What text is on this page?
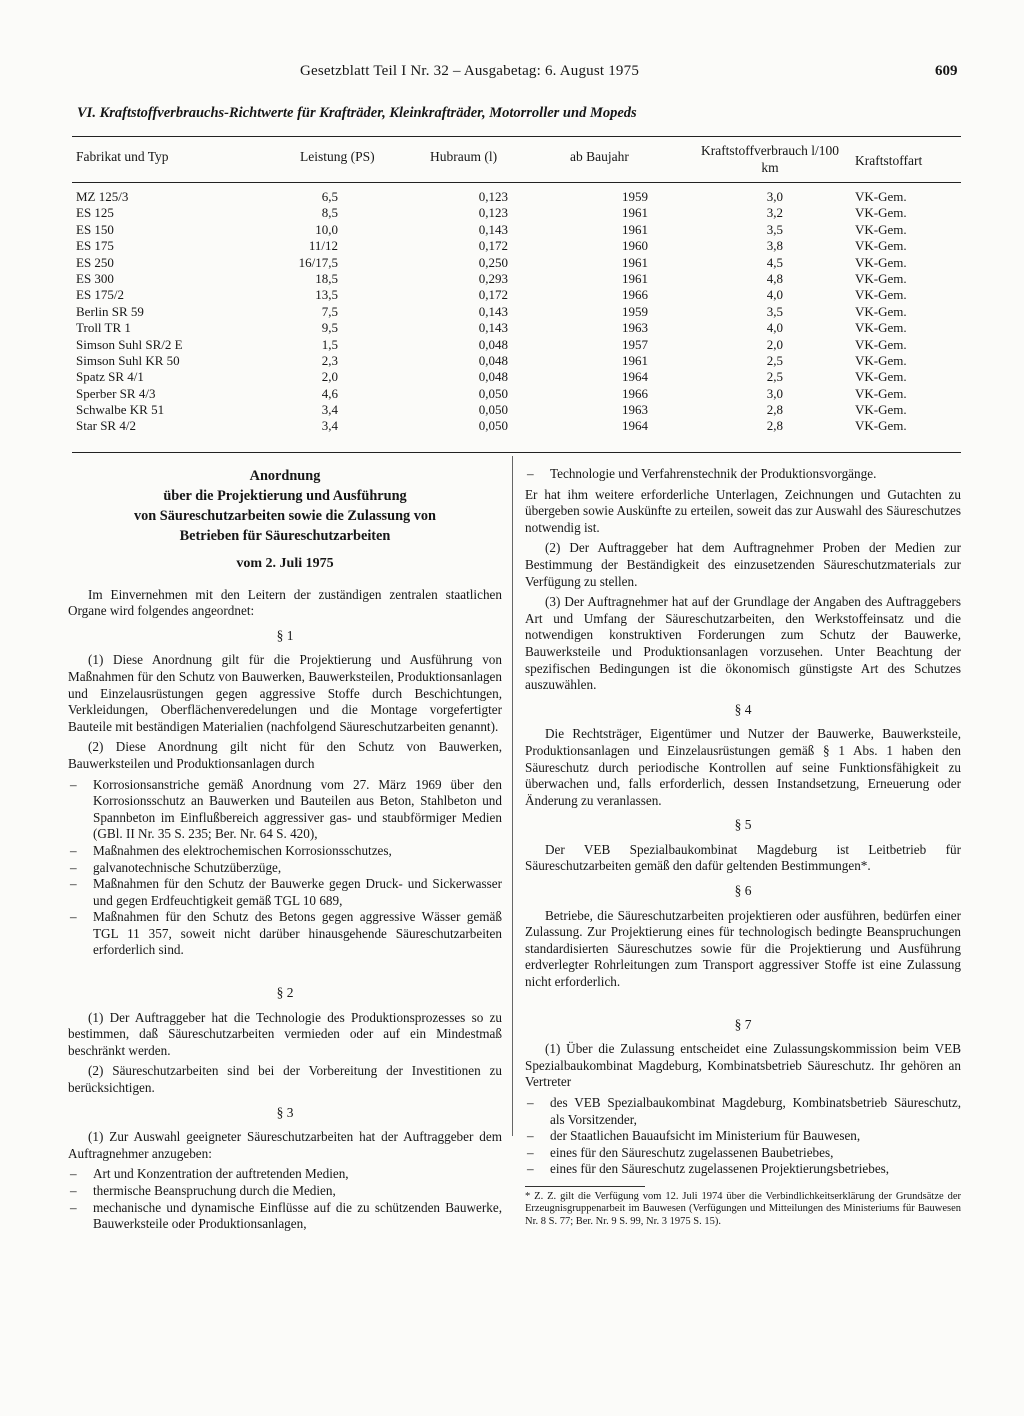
Gesetzblatt Teil I Nr. 32 – Ausgabetag: 6. August 1975	609
VI. Kraftstoffverbrauchs-Richtwerte für Krafträder, Kleinkrafträder, Motorroller und Mopeds
Fabrikat und Typ	Leistung (PS)	Hubraum (l)	ab Baujahr	Kraftstoffverbrauch l/100 km	Kraftstoffart
MZ 125/3	6,5	0,123	1959	3,0	VK-Gem.
ES 125	8,5	0,123	1961	3,2	VK-Gem.
ES 150	10,0	0,143	1961	3,5	VK-Gem.
ES 175	11/12	0,172	1960	3,8	VK-Gem.
ES 250	16/17,5	0,250	1961	4,5	VK-Gem.
ES 300	18,5	0,293	1961	4,8	VK-Gem.
ES 175/2	13,5	0,172	1966	4,0	VK-Gem.
Berlin SR 59	7,5	0,143	1959	3,5	VK-Gem.
Troll TR 1	9,5	0,143	1963	4,0	VK-Gem.
Simson Suhl SR/2 E	1,5	0,048	1957	2,0	VK-Gem.
Simson Suhl KR 50	2,3	0,048	1961	2,5	VK-Gem.
Spatz SR 4/1	2,0	0,048	1964	2,5	VK-Gem.
Sperber SR 4/3	4,6	0,050	1966	3,0	VK-Gem.
Schwalbe KR 51	3,4	0,050	1963	2,8	VK-Gem.
Star SR 4/2	3,4	0,050	1964	2,8	VK-Gem.
Anordnung
über die Projektierung und Ausführung
von Säureschutzarbeiten sowie die Zulassung von
Betrieben für Säureschutzarbeiten
vom 2. Juli 1975

Im Einvernehmen mit den Leitern der zuständigen zentralen staatlichen Organe wird folgendes angeordnet:

§ 1

(1) Diese Anordnung gilt für die Projektierung und Ausführung von Maßnahmen für den Schutz von Bauwerken, Bauwerksteilen, Produktionsanlagen und Einzelausrüstungen gegen aggressive Stoffe durch Beschichtungen, Verkleidungen, Oberflächenveredelungen und die Montage vorgefertigter Bauteile mit beständigen Materialien (nachfolgend Säureschutzarbeiten genannt).

(2) Diese Anordnung gilt nicht für den Schutz von Bauwerken, Bauwerksteilen und Produktionsanlagen durch

– Korrosionsanstriche gemäß Anordnung vom 27. März 1969 über den Korrosionsschutz an Bauwerken und Bauteilen aus Beton, Stahlbeton und Spannbeton im Einflußbereich aggressiver gas- und staubförmiger Medien (GBl. II Nr. 35 S. 235; Ber. Nr. 64 S. 420),
– Maßnahmen des elektrochemischen Korrosionsschutzes,
– galvanotechnische Schutzüberzüge,
– Maßnahmen für den Schutz der Bauwerke gegen Druck- und Sickerwasser und gegen Erdfeuchtigkeit gemäß TGL 10 689,
– Maßnahmen für den Schutz des Betons gegen aggressive Wässer gemäß TGL 11 357, soweit nicht darüber hinausgehende Säureschutzarbeiten erforderlich sind.
§ 2

(1) Der Auftraggeber hat die Technologie des Produktionsprozesses so zu bestimmen, daß Säureschutzarbeiten vermieden oder auf ein Mindestmaß beschränkt werden.

(2) Säureschutzarbeiten sind bei der Vorbereitung der Investitionen zu berücksichtigen.

§ 3

(1) Zur Auswahl geeigneter Säureschutzarbeiten hat der Auftraggeber dem Auftragnehmer anzugeben:

– Art und Konzentration der auftretenden Medien,
– thermische Beanspruchung durch die Medien,
– mechanische und dynamische Einflüsse auf die zu schützenden Bauwerke, Bauwerksteile oder Produktionsanlagen,
– Technologie und Verfahrenstechnik der Produktionsvorgänge.

Er hat ihm weitere erforderliche Unterlagen, Zeichnungen und Gutachten zu übergeben sowie Auskünfte zu erteilen, soweit das zur Auswahl des Säureschutzes notwendig ist.

(2) Der Auftraggeber hat dem Auftragnehmer Proben der Medien zur Bestimmung der Beständigkeit des einzusetzenden Säureschutzmaterials zur Verfügung zu stellen.

(3) Der Auftragnehmer hat auf der Grundlage der Angaben des Auftraggebers Art und Umfang der Säureschutzarbeiten, den Werkstoffeinsatz und die notwendigen konstruktiven Forderungen zum Schutz der Bauwerke, Bauwerksteile und Produktionsanlagen vorzusehen. Unter Beachtung der spezifischen Bedingungen ist die ökonomisch günstigste Art des Schutzes auszuwählen.

§ 4

Die Rechtsträger, Eigentümer und Nutzer der Bauwerke, Bauwerksteile, Produktionsanlagen und Einzelausrüstungen gemäß § 1 Abs. 1 haben den Säureschutz durch periodische Kontrollen auf seine Funktionsfähigkeit zu überwachen und, falls erforderlich, dessen Instandsetzung, Erneuerung oder Änderung zu veranlassen.

§ 5

Der VEB Spezialbaukombinat Magdeburg ist Leitbetrieb für Säureschutzarbeiten gemäß den dafür geltenden Bestimmungen*.

§ 6

Betriebe, die Säureschutzarbeiten projektieren oder ausführen, bedürfen einer Zulassung. Zur Projektierung eines für technologisch bedingte Beanspruchungen standardisierten Säureschutzes sowie für die Projektierung und Ausführung erdverlegter Rohrleitungen zum Transport aggressiver Stoffe ist eine Zulassung nicht erforderlich.

§ 7

(1) Über die Zulassung entscheidet eine Zulassungskommission beim VEB Spezialbaukombinat Magdeburg, Kombinatsbetrieb Säureschutz. Ihr gehören an Vertreter

– des VEB Spezialbaukombinat Magdeburg, Kombinatsbetrieb Säureschutz, als Vorsitzender,
– der Staatlichen Bauaufsicht im Ministerium für Bauwesen,
– eines für den Säureschutz zugelassenen Baubetriebes,
– eines für den Säureschutz zugelassenen Projektierungsbetriebes,

* Z. Z. gilt die Verfügung vom 12. Juli 1974 über die Verbindlichkeitserklärung der Grundsätze der Erzeugnisgruppenarbeit im Bauwesen (Verfügungen und Mitteilungen des Ministeriums für Bauwesen Nr. 8 S. 77; Ber. Nr. 9 S. 99, Nr. 3 1975 S. 15).
